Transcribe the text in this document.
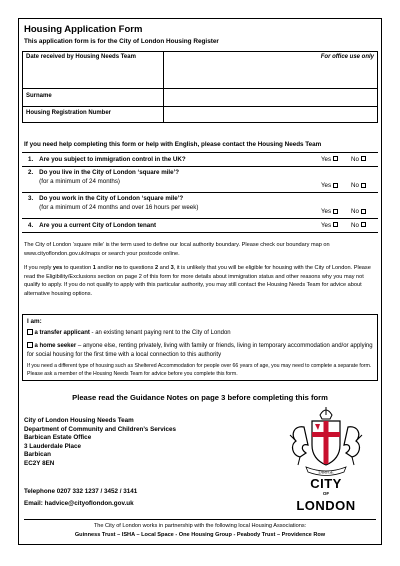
Housing Application Form
This application form is for the City of London Housing Register
Date received by Housing Needs Team	For office use only

Surname	
Housing Registration Number	
If you need help completing this form or help with English, please contact the Housing Needs Team
1.	Are you subject to immigration control in the UK?	Yes	No
2.	Do you live in the City of London ‘square mile’?
(for a minimum of 24 months)	Yes	No
3.	Do you work in the City of London ‘square mile’?
(for a minimum of 24 months and over 16 hours per week)	Yes	No
4.	Are you a current City of London tenant	Yes	No
The City of London ‘square mile’ is the term used to define our local authority boundary. Please check our boundary map on www.cityoflondon.gov.uk/maps or search your postcode online.
If you reply yes to question 1 and/or no to questions 2 and 3, it is unlikely that you will be eligible for housing with the City of London. Please read the Eligibility/Exclusions section on page 2 of this form for more details about immigration status and other reasons why you may not qualify to apply. If you do not qualify to apply with this particular authority, you may still contact the Housing Needs Team for advice about alternative housing options.
I am:
a transfer applicant - an existing tenant paying rent to the City of London
a home seeker – anyone else, renting privately, living with family or friends, living in temporary accommodation and/or applying for social housing for the first time with a local connection to this authority
If you need a different type of housing such as Sheltered Accommodation for people over 66 years of age, you may need to complete a separate form. Please ask a member of the Housing Needs Team for advice before you complete this form.
Please read the Guidance Notes on page 3 before completing this form
City of London Housing Needs Team
Department of Community and Children’s Services
Barbican Estate Office
3 Lauderdale Place
Barbican
EC2Y 8EN
Telephone 0207 332 1237 / 3452 / 3141
Email: hadvice@cityoflondon.gov.uk
DIRIGE
CITY
OF
LONDON
The City of London works in partnership with the following local Housing Associations:
Guinness Trust – ISHA – Local Space - One Housing Group - Peabody Trust – Providence Row
